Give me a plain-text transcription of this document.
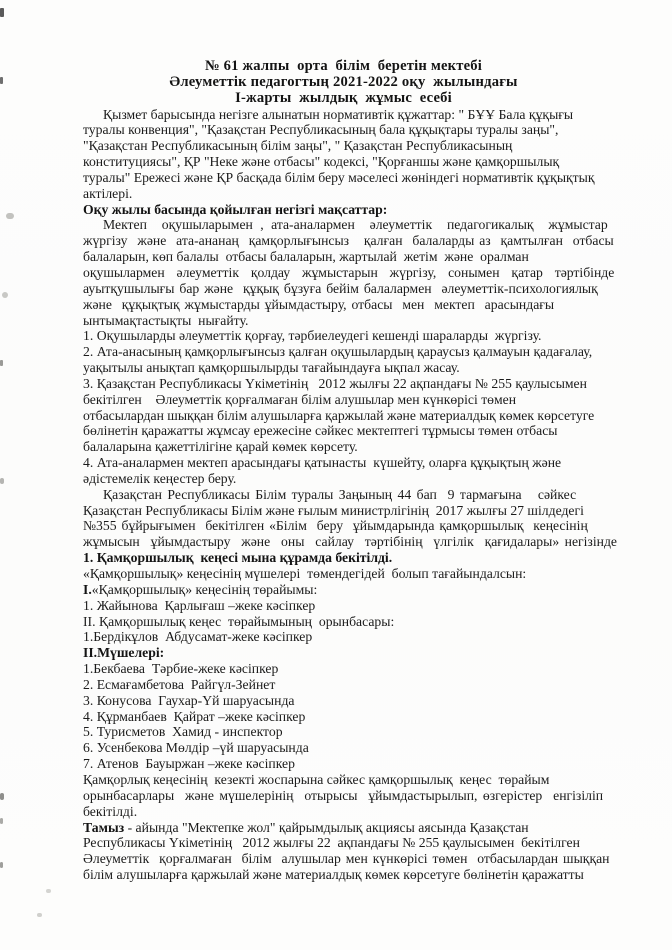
№ 61 жалпы  орта  білім  беретін мектебі
Әлеуметтік педагогтың 2021-2022 оқу  жылындағы
І-жарты  жылдық  жұмыс  есебі
Қызмет барысында негізге алынатын нормативтік құжаттар: " БҰҰ Бала құқығы
туралы конвенция", "Қазақстан Республикасының бала құқықтары туралы заңы",
"Қазақстан Республикасының білім заңы", " Қазақстан Республикасының
конституциясы", ҚР "Неке және отбасы" кодексі, "Қорғаншы және қамқоршылық
туралы" Ережесі және ҚР басқада білім беру мәселесі жөніндегі нормативтік құқықтық
актілері.
Оқу жылы басында қойылған негізгі мақсаттар:
Мектеп  оқушыларымен , ата-аналармен  әлеуметтік  педагогикалық  жұмыстар
жүргізу  және  ата-ананаң  қамқорлығынсыз   қалған  балаларды аз  қамтылған  отбасы
балаларын, көп балалы  отбасы балаларын, жартылай  жетім  және  оралман
оқушылармен  әлеуметтік  қолдау  жұмыстарын  жүргізу,  сонымен  қатар  тәртібінде
ауытқушылығы бар және  құқық бұзуға бейім балалармен  әлеуметтік-психологиялық
және  құқықтық жұмыстарды ұйымдастыру, отбасы  мен  мектеп  арасындағы
ынтымақтастықты  нығайту.
1. Оқушыларды әлеуметтік қорғау, тәрбиелеудегі кешенді шараларды  жүргізу.
2. Ата-анасының қамқорлығынсыз қалған оқушылардың қараусыз қалмауын қадағалау,
уақытылы анықтап қамқоршылырды тағайындауға ықпал жасау.
3. Қазақстан Республикасы Үкіметінің   2012 жылғы 22 ақпандағы № 255 қаулысымен
бекітілген    Әлеуметтік қорғалмаған білім алушылар мен күнкөрісі төмен
отбасылардан шыққан білім алушыларға қаржылай және материалдық көмек көрсетуге
бөлінетін қаражатты жұмсау ережесіне сәйкес мектептегі тұрмысы төмен отбасы
балаларына қажеттілігіне қарай көмек көрсету.
4. Ата-аналармен мектеп арасындағы қатынасты  күшейту, оларға құқықтың және
әдістемелік кеңестер беру.
Қазақстан Республикасы Білім туралы Заңының 44 бап  9 тармағына   сәйкес
Қазақстан Республикасы Білім және ғылым министрлігінің  2017 жылғы 27 шілдедегі
№355 бұйрығымен  бекітілген «Білім  беру  ұйымдарында қамқоршылық  кеңесінің
жұмысын  ұйымдастыру  және  оны  сайлау  тәртібінің  үлгілік  қағидалары» негізінде
1. Қамқоршылық  кеңесі мына құрамда бекітілді.
«Қамқоршылық» кеңесінің мүшелері  төмендегідей  болып тағайындалсын:
І.«Қамқоршылық» кеңесінің төрайымы:
1. Жайынова  Қарлығаш –жеке кәсіпкер
ІІ. Қамқоршылық кеңес  төрайымының  орынбасары:
1.Бердікұлов  Абдусамат-жеке кәсіпкер
ІІ.Мүшелері:
1.Бекбаева  Тәрбие-жеке кәсіпкер
2. Есмағамбетова  Райгүл-Зейнет
3. Конусова  Гаухар-Үй шаруасында
4. Құрманбаев  Қайрат –жеке кәсіпкер
5. Турисметов  Хамид - инспектор
6. Усенбекова Мөлдір –үй шаруасында
7. Атенов  Бауыржан –жеке кәсіпкер
Қамқорлық кеңесінің  кезекті жоспарына сәйкес қамқоршылық  кеңес  төрайым
орынбасарлары  және мүшелерінің  отырысы  ұйымдастырылып, өзгерістер  енгізіліп
бекітілді.
Тамыз - айында "Мектепке жол" қайрымдылық акциясы аясында Қазақстан
Республикасы Үкіметінің   2012 жылғы 22  ақпандағы № 255 қаулысымен  бекітілген
Әлеуметтік  қорғалмаған  білім  алушылар мен күнкөрісі төмен  отбасылардан шыққан
білім алушыларға қаржылай және материалдық көмек көрсетуге бөлінетін қаражатты
